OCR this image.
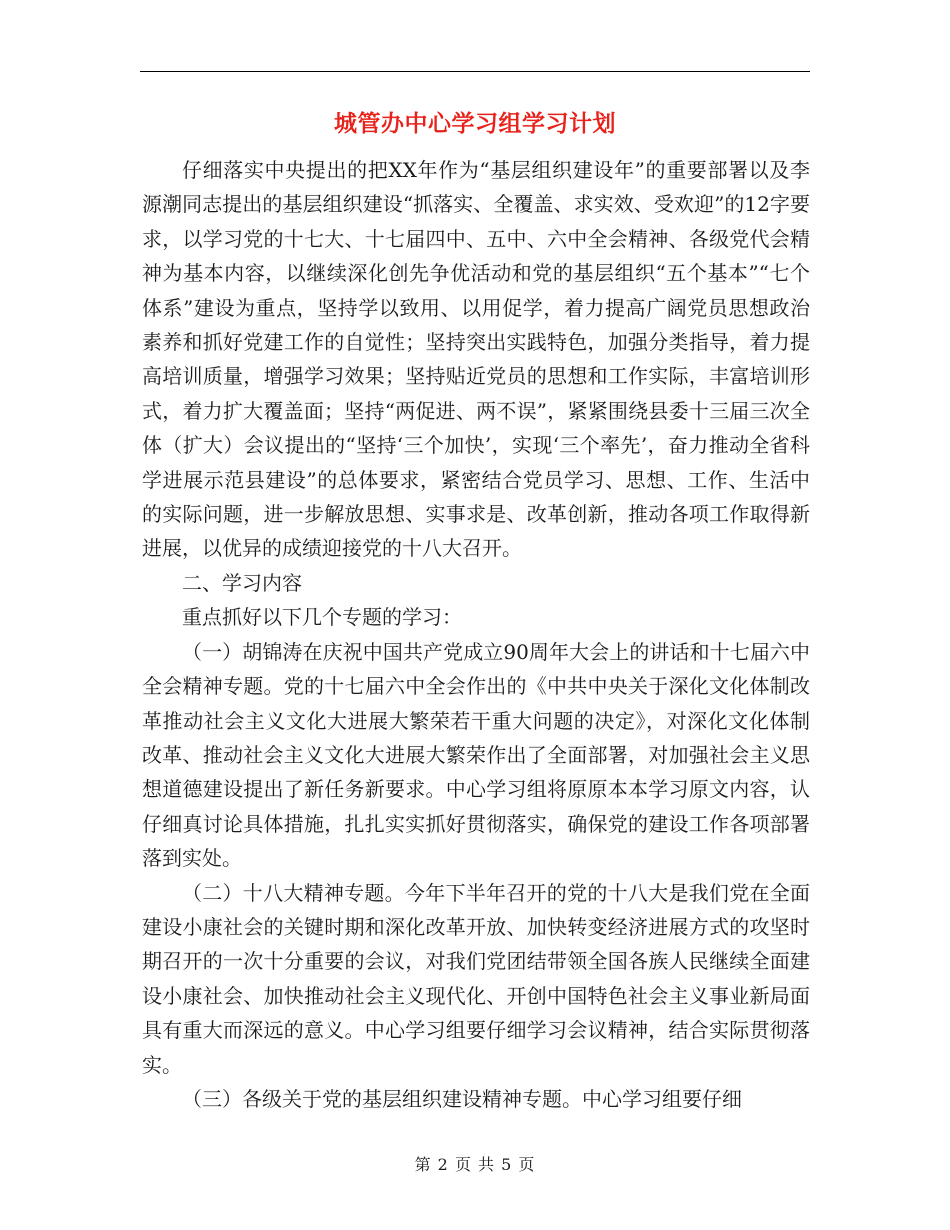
城管办中心学习组学习计划

仔细落实中央提出的把XX年作为“基层组织建设年”的重要部署以及李源潮同志提出的基层组织建设“抓落实、全覆盖、求实效、受欢迎”的12字要求，以学习党的十七大、十七届四中、五中、六中全会精神、各级党代会精神为基本内容，以继续深化创先争优活动和党的基层组织“五个基本”“七个体系”建设为重点，坚持学以致用、以用促学，着力提高广阔党员思想政治素养和抓好党建工作的自觉性；坚持突出实践特色，加强分类指导，着力提高培训质量，增强学习效果；坚持贴近党员的思想和工作实际，丰富培训形式，着力扩大覆盖面；坚持“两促进、两不误”，紧紧围绕县委十三届三次全体（扩大）会议提出的“坚持‘三个加快’，实现‘三个率先’，奋力推动全省科学进展示范县建设”的总体要求，紧密结合党员学习、思想、工作、生活中的实际问题，进一步解放思想、实事求是、改革创新，推动各项工作取得新进展，以优异的成绩迎接党的十八大召开。

二、学习内容

重点抓好以下几个专题的学习：

（一）胡锦涛在庆祝中国共产党成立90周年大会上的讲话和十七届六中全会精神专题。党的十七届六中全会作出的《中共中央关于深化文化体制改革推动社会主义文化大进展大繁荣若干重大问题的决定》，对深化文化体制改革、推动社会主义文化大进展大繁荣作出了全面部署，对加强社会主义思想道德建设提出了新任务新要求。中心学习组将原原本本学习原文内容，认仔细真讨论具体措施，扎扎实实抓好贯彻落实，确保党的建设工作各项部署落到实处。

（二）十八大精神专题。今年下半年召开的党的十八大是我们党在全面建设小康社会的关键时期和深化改革开放、加快转变经济进展方式的攻坚时期召开的一次十分重要的会议，对我们党团结带领全国各族人民继续全面建设小康社会、加快推动社会主义现代化、开创中国特色社会主义事业新局面具有重大而深远的意义。中心学习组要仔细学习会议精神，结合实际贯彻落实。

（三）各级关于党的基层组织建设精神专题。中心学习组要仔细

第 2 页 共 5 页
